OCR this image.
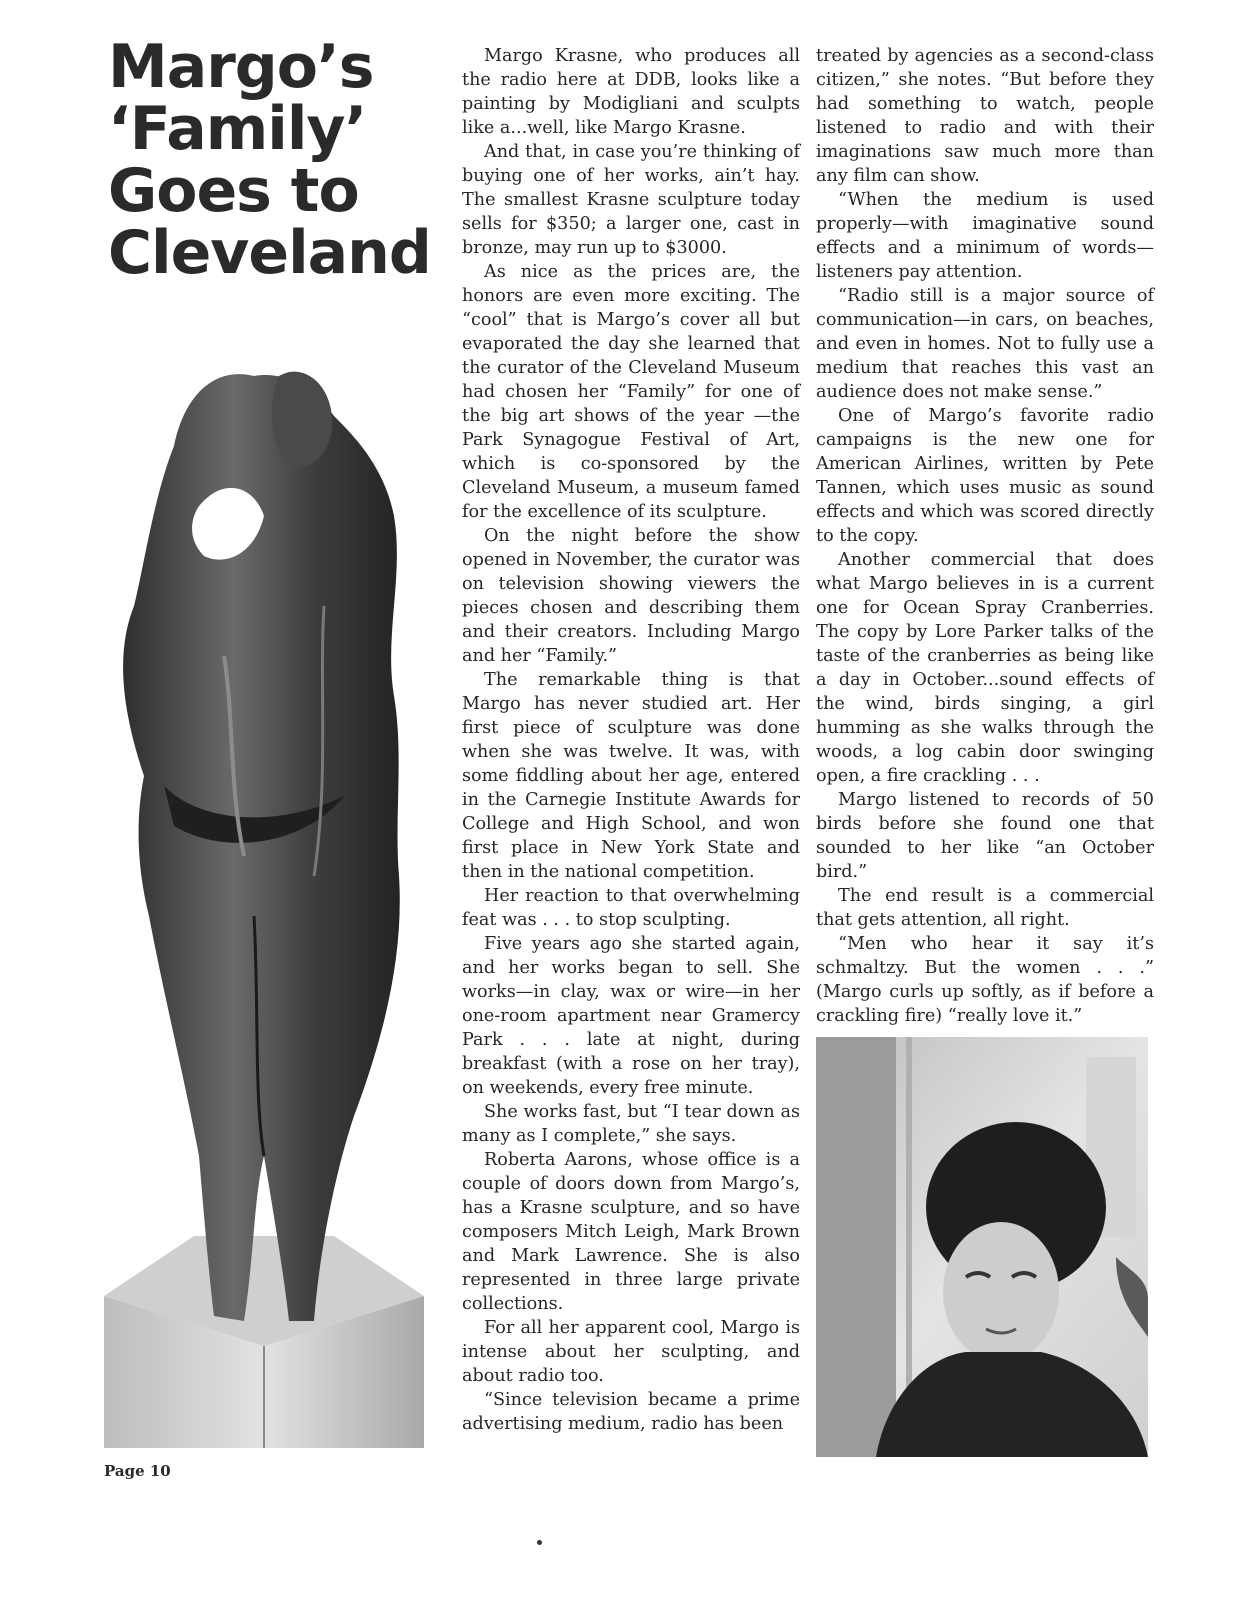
Margo’s
‘Family’
Goes to
Cleveland
Page 10

Margo Krasne, who produces all the radio here at DDB, looks like a painting by Modigliani and sculpts like a...well, like Margo Krasne.

And that, in case you’re thinking of buying one of her works, ain’t hay. The smallest Krasne sculpture today sells for $350; a larger one, cast in bronze, may run up to $3000.

As nice as the prices are, the honors are even more exciting. The “cool” that is Margo’s cover all but evaporated the day she learned that the curator of the Cleveland Museum had chosen her “Family” for one of the big art shows of the year —the Park Synagogue Festival of Art, which is co-sponsored by the Cleveland Museum, a museum famed for the excellence of its sculpture.

On the night before the show opened in November, the curator was on television showing viewers the pieces chosen and describing them and their creators. Including Margo and her “Family.”

The remarkable thing is that Margo has never studied art. Her first piece of sculpture was done when she was twelve. It was, with some fiddling about her age, entered in the Carnegie Institute Awards for College and High School, and won first place in New York State and then in the national competition.

Her reaction to that overwhelming feat was . . . to stop sculpting.

Five years ago she started again, and her works began to sell. She works—in clay, wax or wire—in her one-room apartment near Gramercy Park . . . late at night, during breakfast (with a rose on her tray), on weekends, every free minute.

She works fast, but “I tear down as many as I complete,” she says.

Roberta Aarons, whose office is a couple of doors down from Margo’s, has a Krasne sculpture, and so have composers Mitch Leigh, Mark Brown and Mark Lawrence. She is also represented in three large private collections.

For all her apparent cool, Margo is intense about her sculpting, and about radio too.

“Since television became a prime advertising medium, radio has been

treated by agencies as a second-class citizen,” she notes. “But before they had something to watch, people listened to radio and with their imaginations saw much more than any film can show.

“When the medium is used properly—with imaginative sound effects and a minimum of words—listeners pay attention.

“Radio still is a major source of communication—in cars, on beaches, and even in homes. Not to fully use a medium that reaches this vast an audience does not make sense.”

One of Margo’s favorite radio campaigns is the new one for American Airlines, written by Pete Tannen, which uses music as sound effects and which was scored directly to the copy.

Another commercial that does what Margo believes in is a current one for Ocean Spray Cranberries. The copy by Lore Parker talks of the taste of the cranberries as being like a day in October...sound effects of the wind, birds singing, a girl humming as she walks through the woods, a log cabin door swinging open, a fire crackling . . .

Margo listened to records of 50 birds before she found one that sounded to her like “an October bird.”

The end result is a commercial that gets attention, all right.

“Men who hear it say it’s schmaltzy. But the women . . .” (Margo curls up softly, as if before a crackling fire) “really love it.”
